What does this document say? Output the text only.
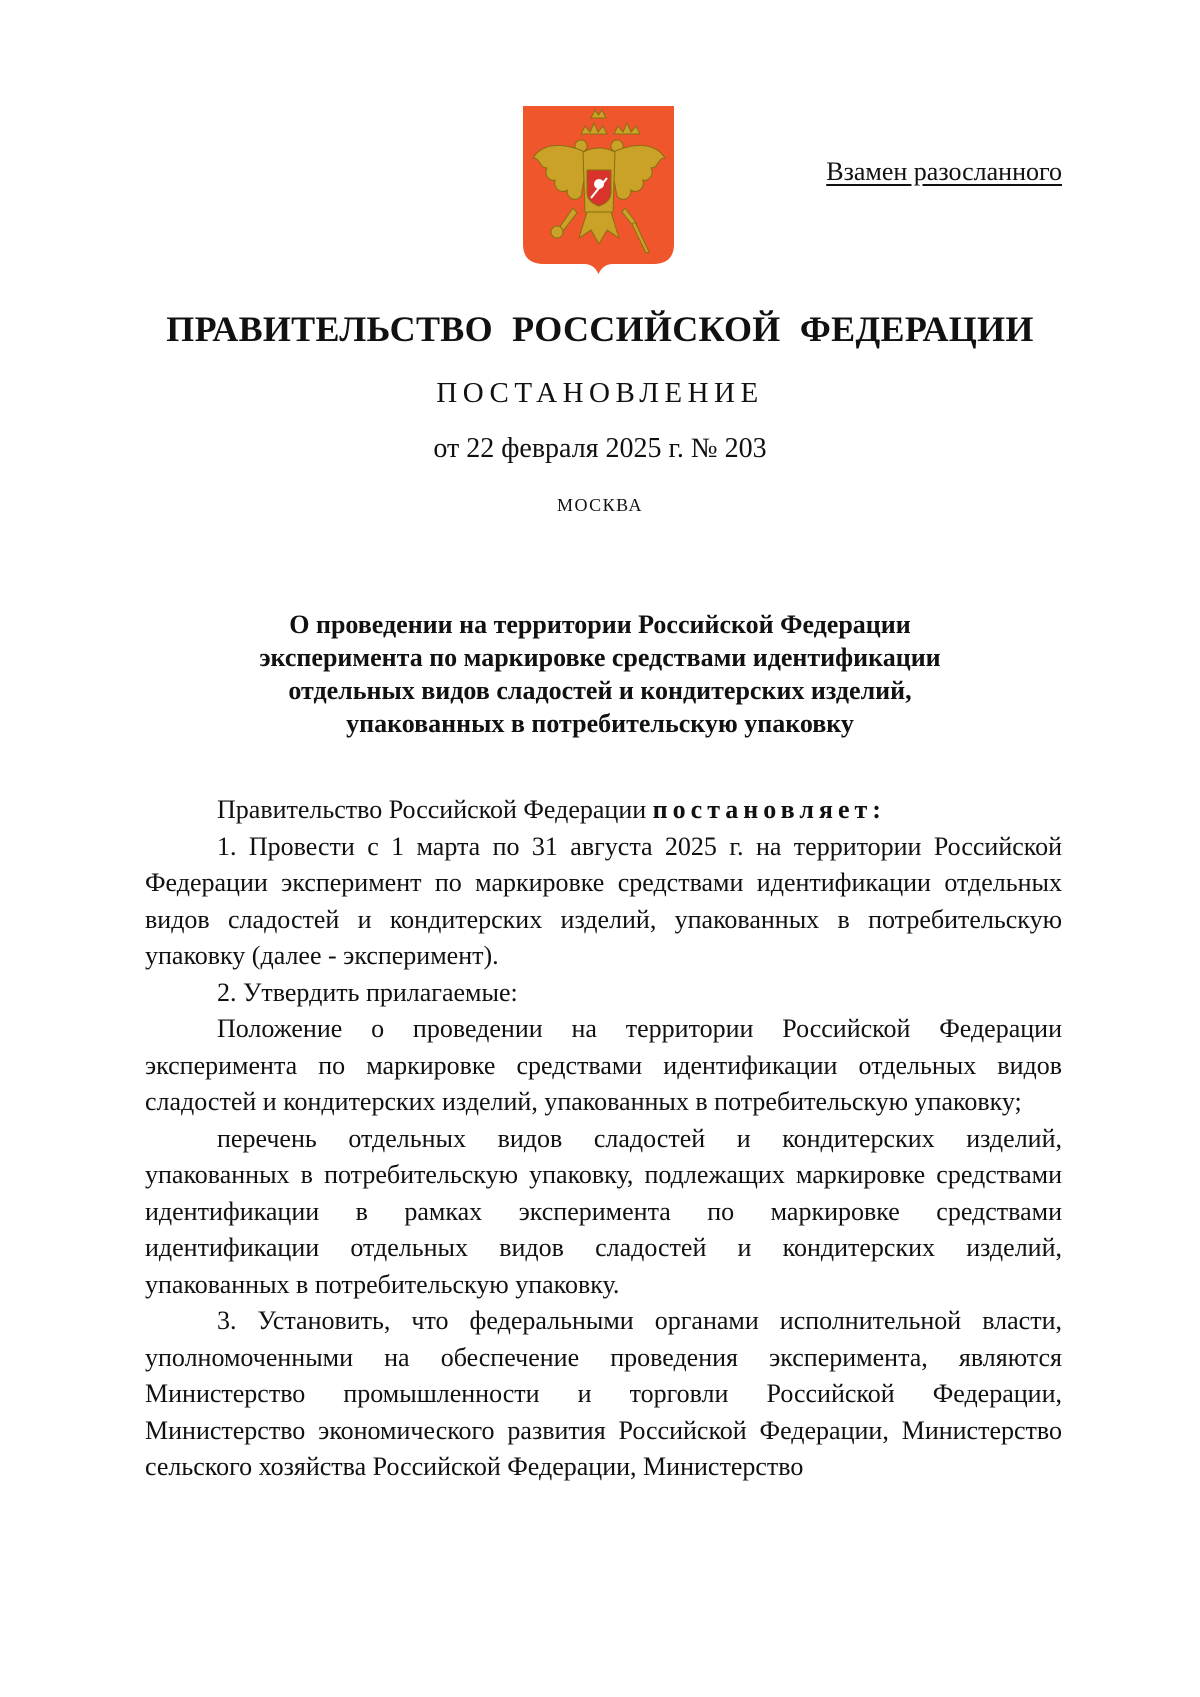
Взамен разосланного
ПРАВИТЕЛЬСТВО РОССИЙСКОЙ ФЕДЕРАЦИИ
ПОСТАНОВЛЕНИЕ
от 22 февраля 2025 г. № 203
МОСКВА
О проведении на территории Российской Федерации
эксперимента по маркировке средствами идентификации
отдельных видов сладостей и кондитерских изделий,
упакованных в потребительскую упаковку

Правительство Российской Федерации постановляет:

1. Провести с 1 марта по 31 августа 2025 г. на территории Российской Федерации эксперимент по маркировке средствами идентификации отдельных видов сладостей и кондитерских изделий, упакованных в потребительскую упаковку (далее - эксперимент).

2. Утвердить прилагаемые:

Положение о проведении на территории Российской Федерации эксперимента по маркировке средствами идентификации отдельных видов сладостей и кондитерских изделий, упакованных в потребительскую упаковку;

перечень отдельных видов сладостей и кондитерских изделий, упакованных в потребительскую упаковку, подлежащих маркировке средствами идентификации в рамках эксперимента по маркировке средствами идентификации отдельных видов сладостей и кондитерских изделий, упакованных в потребительскую упаковку.

3. Установить, что федеральными органами исполнительной власти, уполномоченными на обеспечение проведения эксперимента, являются Министерство промышленности и торговли Российской Федерации, Министерство экономического развития Российской Федерации, Министерство сельского хозяйства Российской Федерации, Министерство
